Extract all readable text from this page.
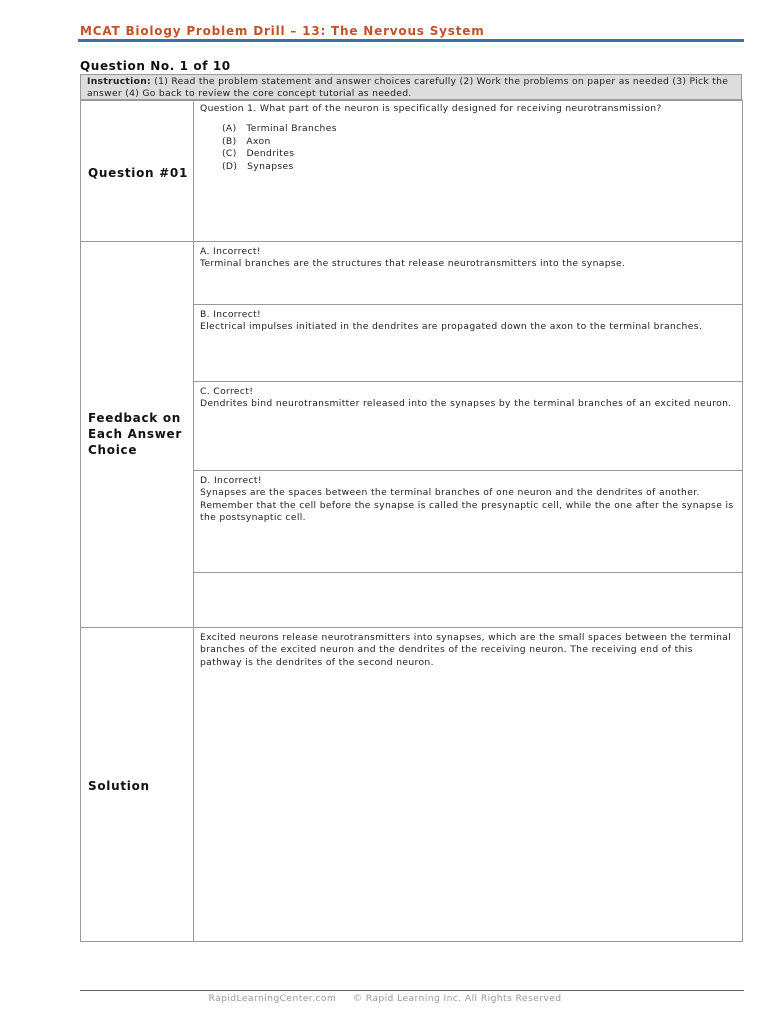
MCAT Biology Problem Drill – 13: The Nervous System
Question No. 1 of 10
Instruction: (1) Read the problem statement and answer choices carefully (2) Work the problems on paper as needed (3) Pick the answer (4) Go back to review the core concept tutorial as needed.
Question #01
Question 1. What part of the neuron is specifically designed for receiving neurotransmission?
(A)   Terminal Branches
(B)   Axon
(C)   Dendrites
(D)   Synapses
Feedback on
Each Answer
Choice
A. Incorrect!
Terminal branches are the structures that release neurotransmitters into the synapse.
B. Incorrect!
Electrical impulses initiated in the dendrites are propagated down the axon to the terminal branches.
C. Correct!
Dendrites bind neurotransmitter released into the synapses by the terminal branches of an excited neuron.
D. Incorrect!
Synapses are the spaces between the terminal branches of one neuron and the dendrites of another. Remember that the cell before the synapse is called the presynaptic cell, while the one after the synapse is the postsynaptic cell.
Solution
Excited neurons release neurotransmitters into synapses, which are the small spaces between the terminal branches of the excited neuron and the dendrites of the receiving neuron. The receiving end of this pathway is the dendrites of the second neuron.
RapidLearningCenter.com     © Rapid Learning Inc. All Rights Reserved
